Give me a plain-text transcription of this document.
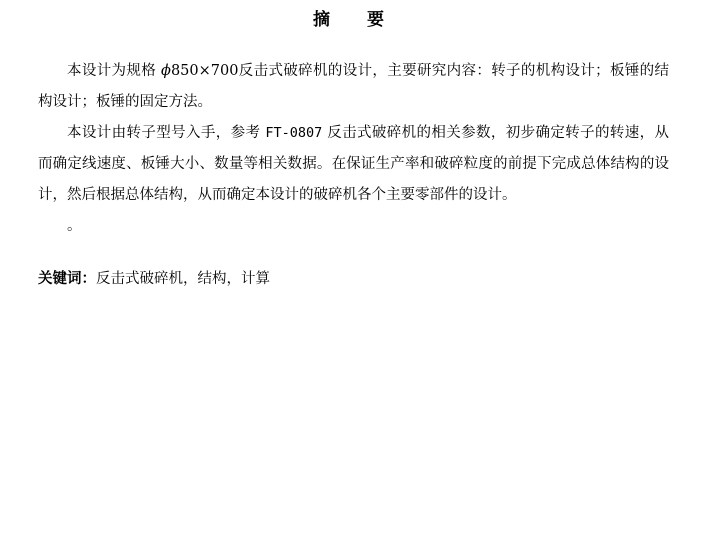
摘　要

本设计为规格 ϕ850×700反击式破碎机的设计，主要研究内容：转子的机构设计；板锤的结构设计；板锤的固定方法。

本设计由转子型号入手，参考 FT-0807 反击式破碎机的相关参数，初步确定转子的转速，从而确定线速度、板锤大小、数量等相关数据。在保证生产率和破碎粒度的前提下完成总体结构的设计，然后根据总体结构，从而确定本设计的破碎机各个主要零部件的设计。

。

关键词：反击式破碎机，结构，计算
